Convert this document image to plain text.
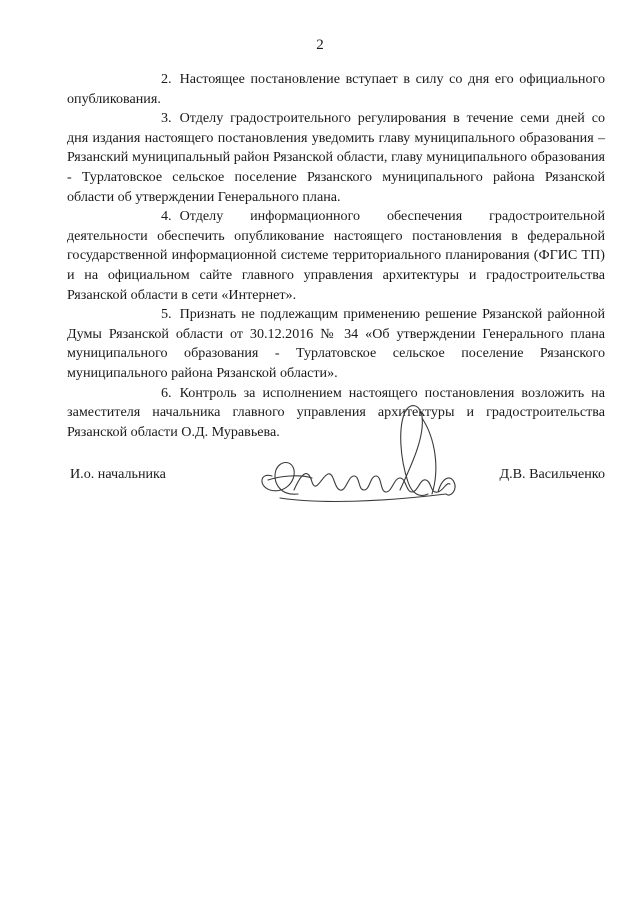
2

2. Настоящее постановление вступает в силу со дня его официального опубликования.

3. Отделу градостроительного регулирования в течение семи дней со дня издания настоящего постановления уведомить главу муниципального образования – Рязанский муниципальный район Рязанской области, главу муниципального образования - Турлатовское сельское поселение Рязанского муниципального района Рязанской области об утверждении Генерального плана.

4. Отделу информационного обеспечения градостроительной деятельности обеспечить опубликование настоящего постановления в федеральной государственной информационной системе территориального планирования (ФГИС ТП) и на официальном сайте главного управления архитектуры и градостроительства Рязанской области в сети «Интернет».

5. Признать не подлежащим применению решение Рязанской районной Думы Рязанской области от 30.12.2016 № 34 «Об утверждении Генерального плана муниципального образования - Турлатовское сельское поселение Рязанского муниципального района Рязанской области».

6. Контроль за исполнением настоящего постановления возложить на заместителя начальника главного управления архитектуры и градостроительства Рязанской области О.Д. Муравьева.

И.о. начальника	Д.В. Васильченко
